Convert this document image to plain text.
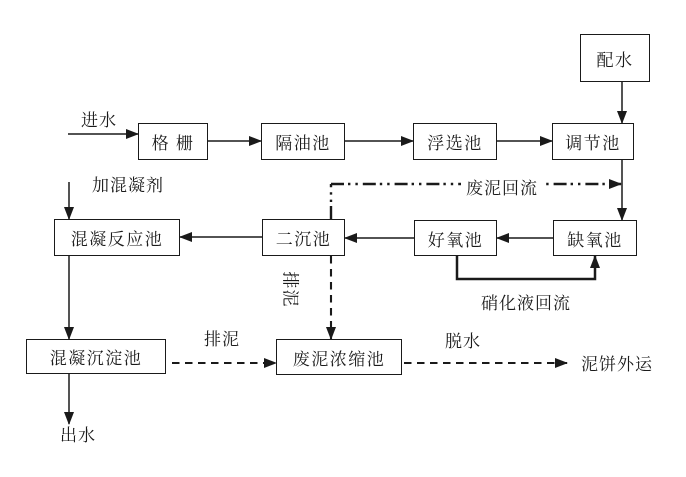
配水
格 栅	隔油池	浮选池	调节池
混凝反应池	二沉池	好氧池	缺氧池
混凝沉淀池	废泥浓缩池
进水
加混凝剂	废泥回流
排泥	硝化液回流
排泥	脱水
泥饼外运
出水
